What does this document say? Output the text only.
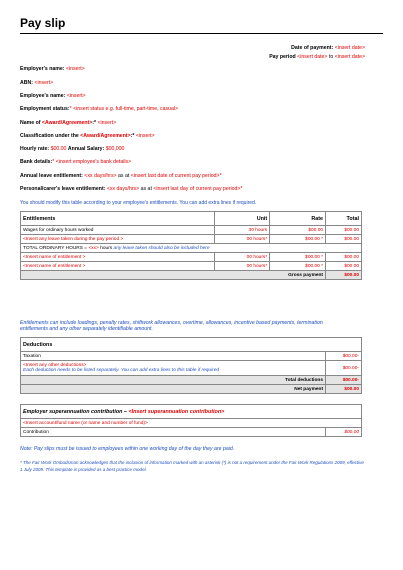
Pay slip
Date of payment: <insert date>
Pay period <insert date> to <insert date>
Employer's name: <insert>
ABN: <insert>
Employee's name: <insert>
Employment status:* <insert status e.g. full-time, part-time, casual>
Name of <Award/Agreement>:* <insert>
Classification under the <Award/Agreement>:* <insert>
Hourly rate: $00.00 Annual Salary: $00,000
Bank details:* <insert employee's bank details>
Annual leave entitlement: <xx days/hrs> as at <insert last date of current pay period>*
Personal/carer's leave entitlement: <xx days/hrs> as at <insert last day of current pay period>*
You should modify this table according to your employee's entitlements. You can add extra lines if required.
Entitlements	Unit	Rate	Total
Wages for ordinary hours worked	30 hours	$00.00	$00.00
<Insert any leave taken during the pay period >	00 hours*	$00.00 *	$00.00
TOTAL ORDINARY HOURS = <xx> hours any leave taken should also be included here			
<Insert name of entitlement >	00 hours*	$00.00 *	$00.00
<Insert name of entitlement >	00 hours*	$00.00 *	$00.00
Gross payment			$00.00
Entitlements can include loadings, penalty rates, shiftwork allowances, overtime, allowances, incentive based payments, termination entitlements and any other separately identifiable amount.
Deductions	
Taxation	$00.00-

<Insert any other deductions>
Each deduction needs to be listed separately. You can add extra lines to this table if required	$00.00-
Total deductions	$00.00-
Net payment	$00.00
Employer superannuation contribution – <Insert superannuation contribution>
<Insert account/fund name (or name and number of fund)>
Contribution	$00.00
Note: Pay slips must be issued to employees within one working day of the day they are paid.
* The Fair Work Ombudsman acknowledges that the inclusion of information marked with an asterisk (*) is not a requirement under the Fair Work Regulations 2009, effective 1 July 2009. This template is provided as a best practice model.
